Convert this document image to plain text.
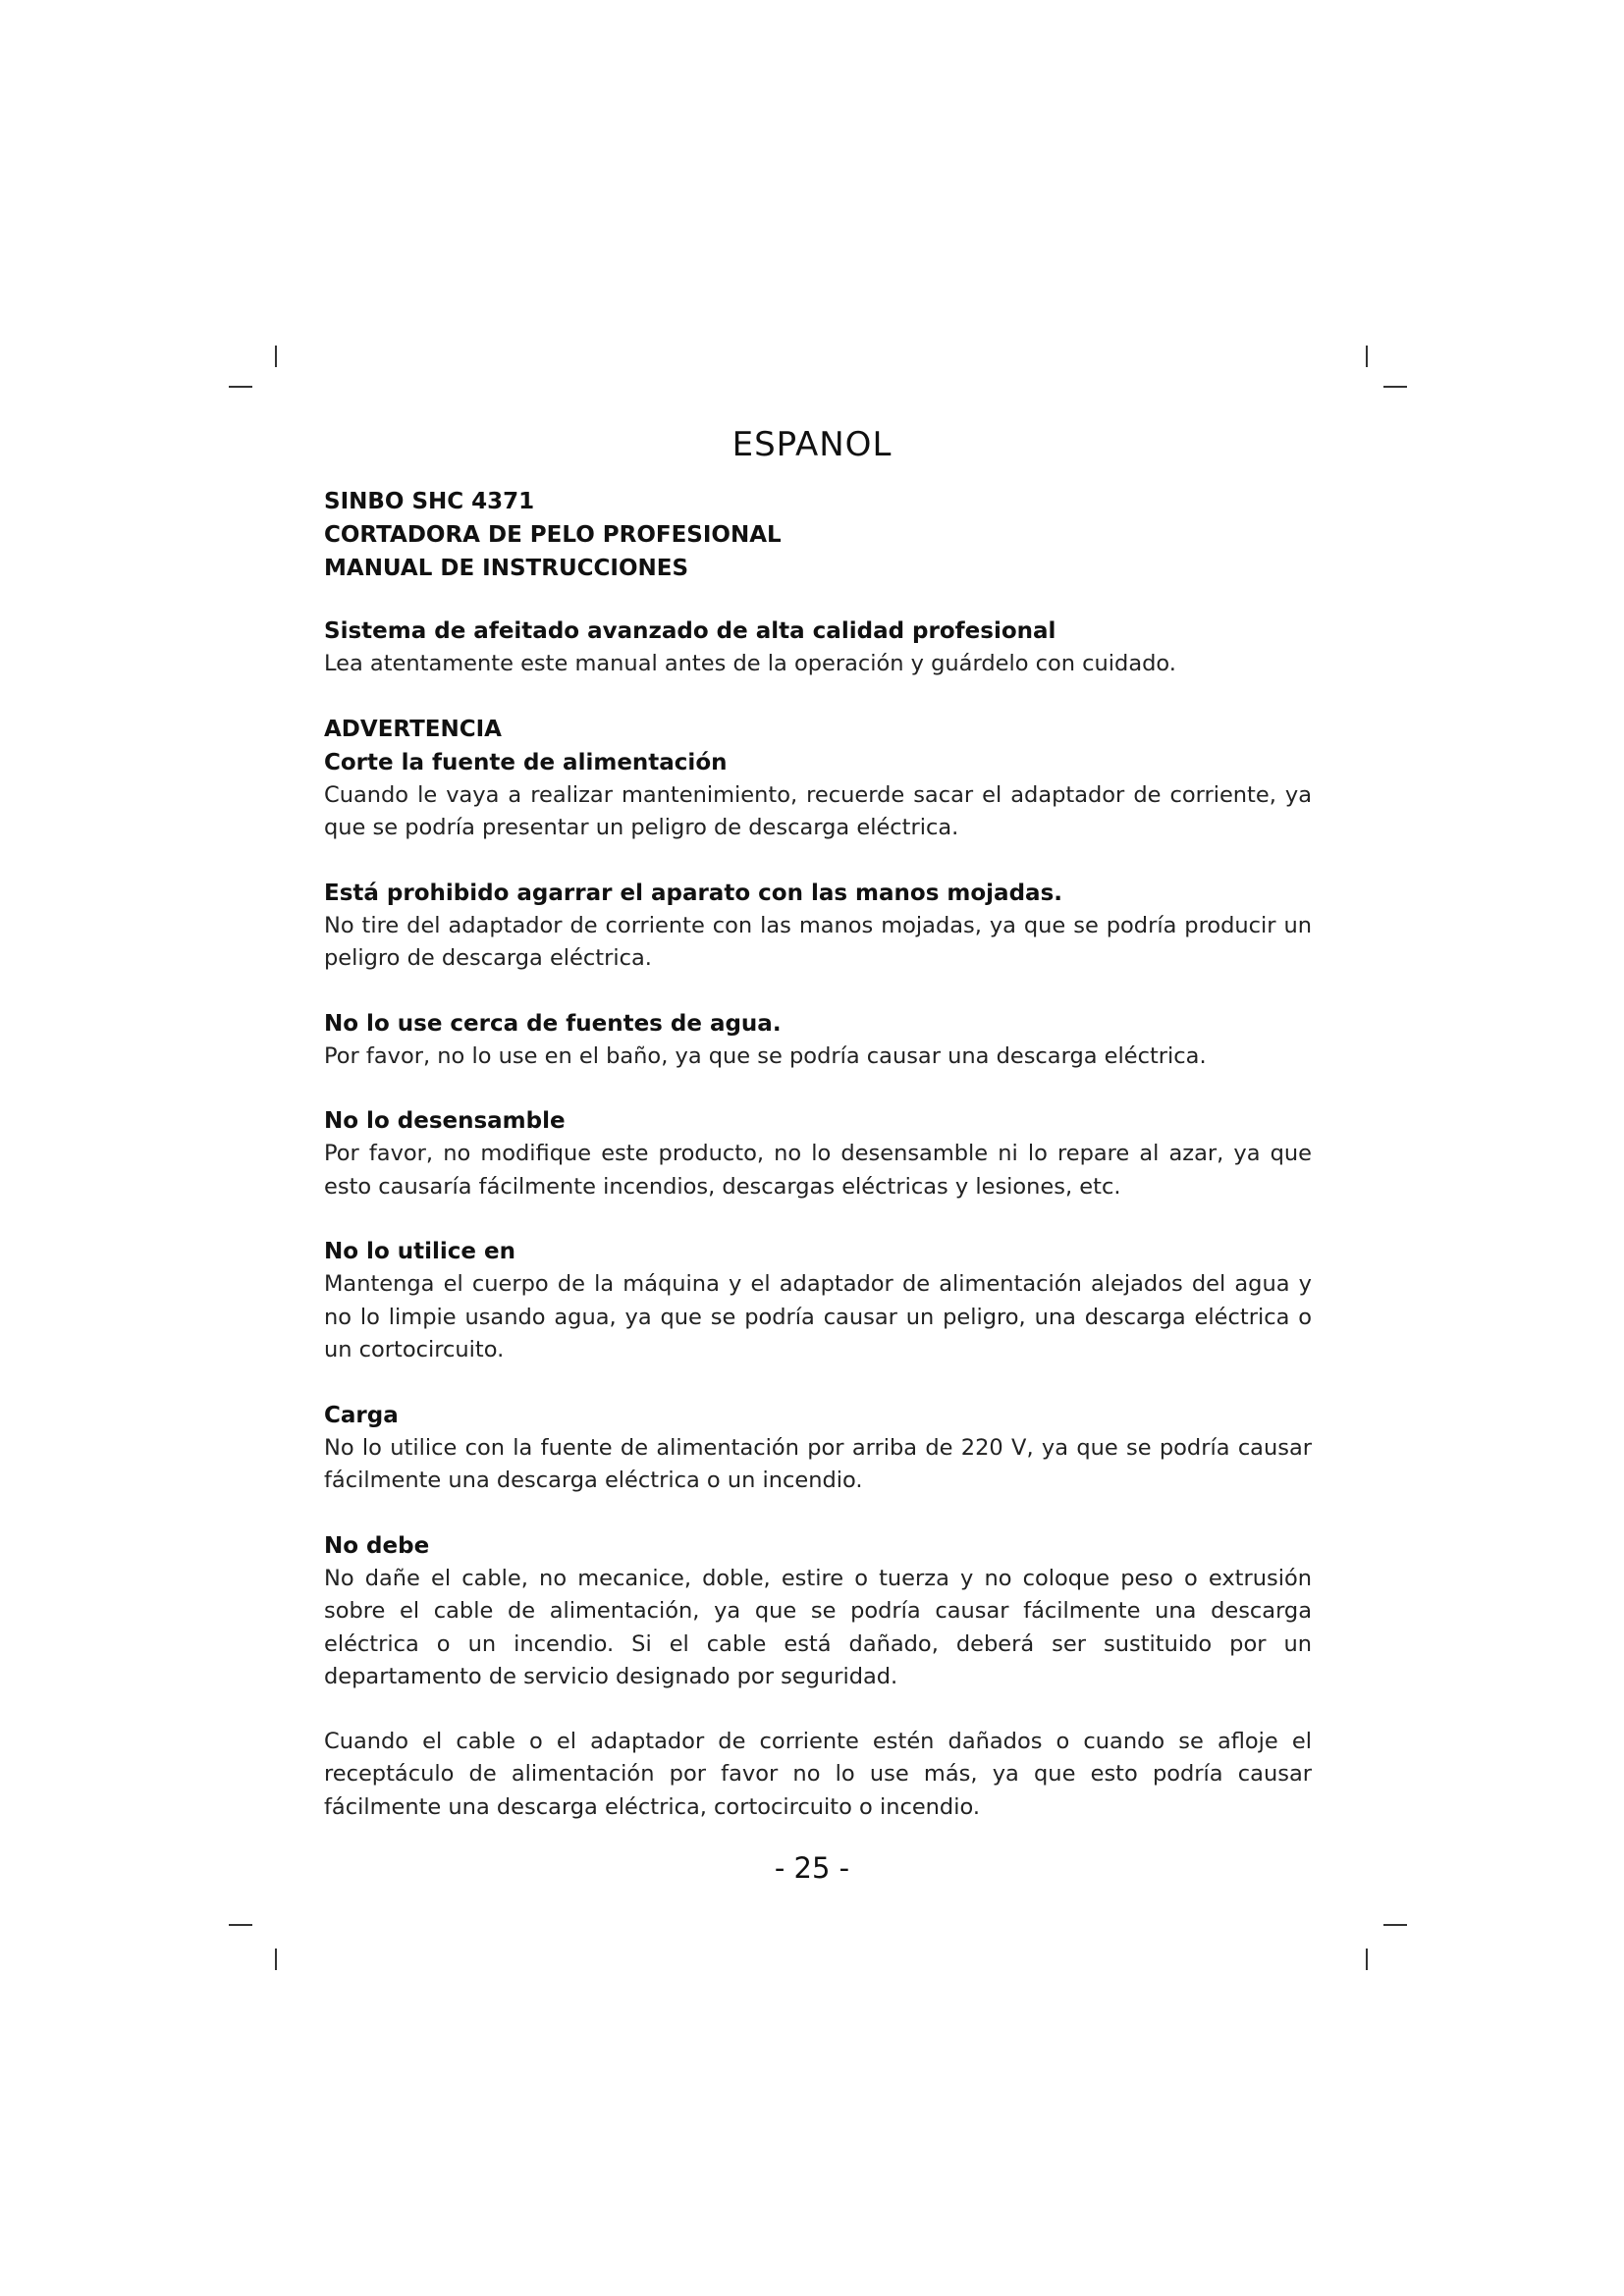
ESPANOL
SINBO SHC 4371
CORTADORA DE PELO PROFESIONAL
MANUAL DE INSTRUCCIONES
Sistema de afeitado avanzado de alta calidad profesional
Lea atentamente este manual antes de la operación y guárdelo con cuidado.
ADVERTENCIA
Corte la fuente de alimentación
Cuando le vaya a realizar mantenimiento, recuerde sacar el adaptador de corriente, ya que se podría presentar un peligro de descarga eléctrica.
Está prohibido agarrar el aparato con las manos mojadas.
No tire del adaptador de corriente con las manos mojadas, ya que se podría producir un peligro de descarga eléctrica.
No lo use cerca de fuentes de agua.
Por favor, no lo use en el baño, ya que se podría causar una descarga eléctrica.
No lo desensamble
Por favor, no modifique este producto, no lo desensamble ni lo repare al azar, ya que esto causaría fácilmente incendios, descargas eléctricas y lesiones, etc.
No lo utilice en
Mantenga el cuerpo de la máquina y el adaptador de alimentación alejados del agua y no lo limpie usando agua, ya que se podría causar un peligro, una descarga eléctrica o un cortocircuito.
Carga
No lo utilice con la fuente de alimentación por arriba de 220 V, ya que se podría causar fácilmente una descarga eléctrica o un incendio.
No debe
No dañe el cable, no mecanice, doble, estire o tuerza y no coloque peso o extrusión sobre el cable de alimentación, ya que se podría causar fácilmente una descarga eléctrica o un incendio. Si el cable está dañado, deberá ser sustituido por un departamento de servicio designado por seguridad.
Cuando el cable o el adaptador de corriente estén dañados o cuando se afloje el receptáculo de alimentación por favor no lo use más, ya que esto podría causar fácilmente una descarga eléctrica, cortocircuito o incendio.
- 25 -
